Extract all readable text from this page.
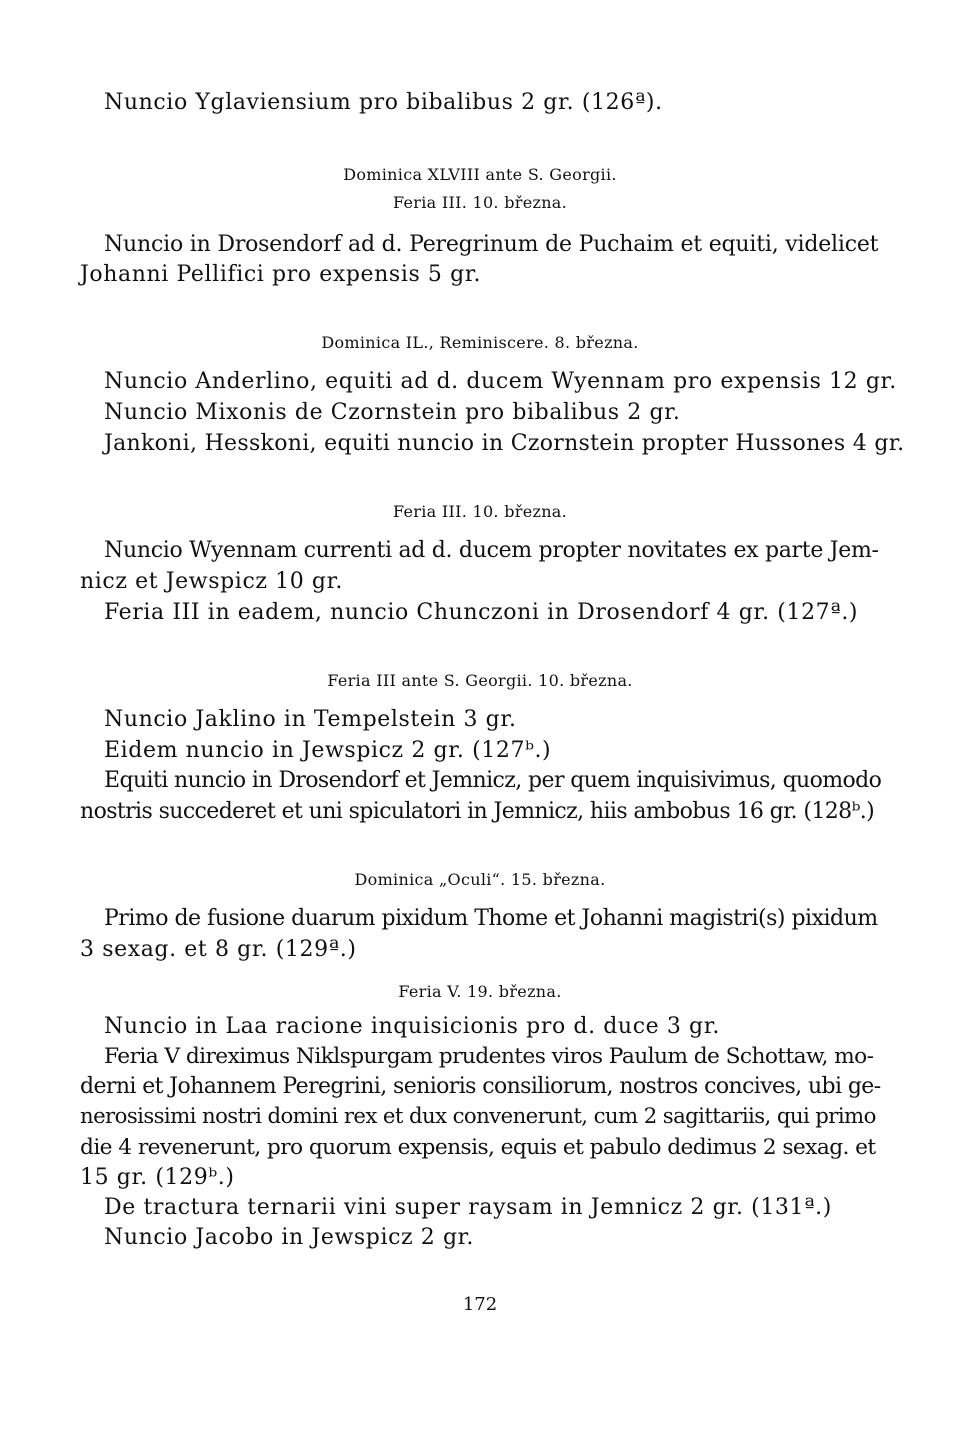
Nuncio Yglaviensium pro bibalibus 2 gr. (126ª).
Dominica XLVIII ante S. Georgii.
Feria III. 10. března.
Nuncio in Drosendorf ad d. Peregrinum de Puchaim et equiti, videlicet
Johanni Pellifici pro expensis 5 gr.
Dominica IL., Reminiscere. 8. března.
Nuncio Anderlino, equiti ad d. ducem Wyennam pro expensis 12 gr.
Nuncio Mixonis de Czornstein pro bibalibus 2 gr.
Jankoni, Hesskoni, equiti nuncio in Czornstein propter Hussones 4 gr.
Feria III. 10. března.
Nuncio Wyennam currenti ad d. ducem propter novitates ex parte Jem-
nicz et Jewspicz 10 gr.
Feria III in eadem, nuncio Chunczoni in Drosendorf 4 gr. (127ª.)
Feria III ante S. Georgii. 10. března.
Nuncio Jaklino in Tempelstein 3 gr.
Eidem nuncio in Jewspicz 2 gr. (127ᵇ.)
Equiti nuncio in Drosendorf et Jemnicz, per quem inquisivimus, quomodo
nostris succederet et uni spiculatori in Jemnicz, hiis ambobus 16 gr. (128ᵇ.)
Dominica „Oculi“. 15. března.
Primo de fusione duarum pixidum Thome et Johanni magistri(s) pixidum
3 sexag. et 8 gr. (129ª.)
Feria V. 19. března.
Nuncio in Laa racione inquisicionis pro d. duce 3 gr.
Feria V direximus Niklspurgam prudentes viros Paulum de Schottaw, mo-
derni et Johannem Peregrini, senioris consiliorum, nostros concives, ubi ge-
nerosissimi nostri domini rex et dux convenerunt, cum 2 sagittariis, qui primo
die 4 revenerunt, pro quorum expensis, equis et pabulo dedimus 2 sexag. et
15 gr. (129ᵇ.)
De tractura ternarii vini super raysam in Jemnicz 2 gr. (131ª.)
Nuncio Jacobo in Jewspicz 2 gr.
172
